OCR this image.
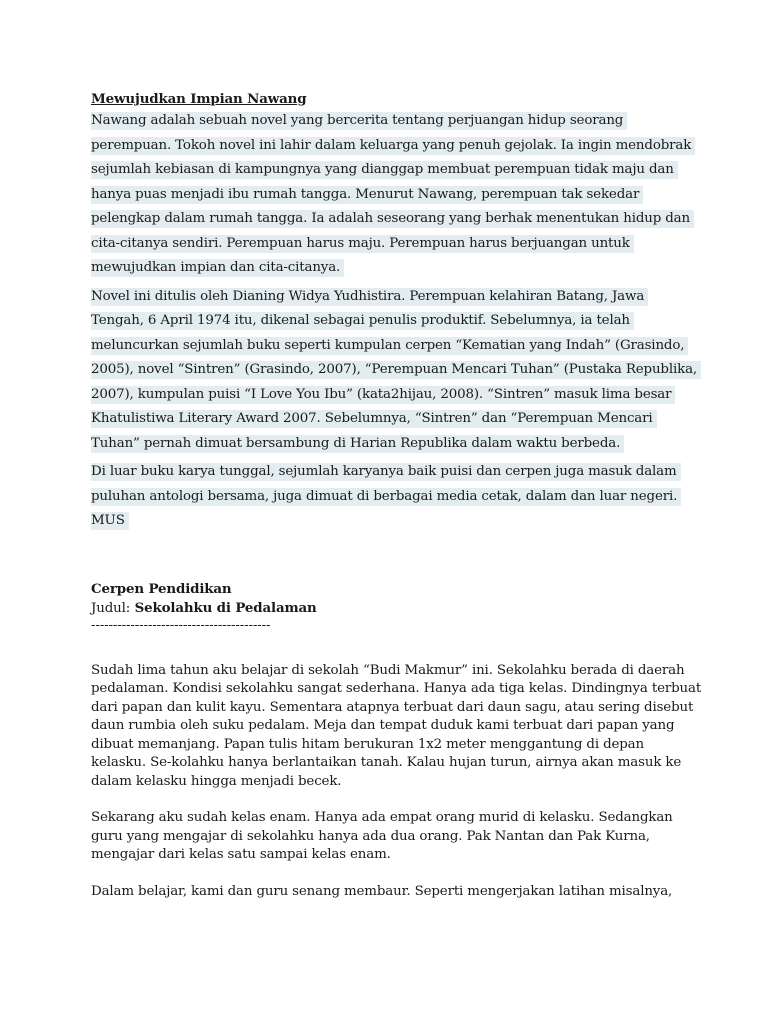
Mewujudkan Impian Nawang
Nawang adalah sebuah novel yang bercerita tentang perjuangan hidup seorang
perempuan. Tokoh novel ini lahir dalam keluarga yang penuh gejolak. Ia ingin mendobrak
sejumlah kebiasan di kampungnya yang dianggap membuat perempuan tidak maju dan
hanya puas menjadi ibu rumah tangga. Menurut Nawang, perempuan tak sekedar
pelengkap dalam rumah tangga. Ia adalah seseorang yang berhak menentukan hidup dan
cita-citanya sendiri. Perempuan harus maju. Perempuan harus berjuangan untuk
mewujudkan impian dan cita-citanya.
Novel ini ditulis oleh Dianing Widya Yudhistira. Perempuan kelahiran Batang, Jawa
Tengah, 6 April 1974 itu, dikenal sebagai penulis produktif. Sebelumnya, ia telah
meluncurkan sejumlah buku seperti kumpulan cerpen “Kematian yang Indah” (Grasindo,
2005), novel “Sintren” (Grasindo, 2007), “Perempuan Mencari Tuhan” (Pustaka Republika,
2007), kumpulan puisi “I Love You Ibu” (kata2hijau, 2008). “Sintren” masuk lima besar
Khatulistiwa Literary Award 2007. Sebelumnya, “Sintren” dan “Perempuan Mencari
Tuhan” pernah dimuat bersambung di Harian Republika dalam waktu berbeda.
Di luar buku karya tunggal, sejumlah karyanya baik puisi dan cerpen juga masuk dalam
puluhan antologi bersama, juga dimuat di berbagai media cetak, dalam dan luar negeri.
MUS
Cerpen Pendidikan
Judul: Sekolahku di Pedalaman
-----------------------------------------
Sudah lima tahun aku belajar di sekolah “Budi Makmur” ini. Sekolahku berada di daerah
pedalaman. Kondisi sekolahku sangat sederhana. Hanya ada tiga kelas. Dindingnya terbuat
dari papan dan kulit kayu. Sementara atapnya terbuat dari daun sagu, atau sering disebut
daun rumbia oleh suku pedalam. Meja dan tempat duduk kami terbuat dari papan yang
dibuat memanjang. Papan tulis hitam berukuran 1x2 meter menggantung di depan
kelasku. Se-kolahku hanya berlantaikan tanah. Kalau hujan turun, airnya akan masuk ke
dalam kelasku hingga menjadi becek.
Sekarang aku sudah kelas enam. Hanya ada empat orang murid di kelasku. Sedangkan
guru yang mengajar di sekolahku hanya ada dua orang. Pak Nantan dan Pak Kurna,
mengajar dari kelas satu sampai kelas enam.
Dalam belajar, kami dan guru senang membaur. Seperti mengerjakan latihan misalnya,
